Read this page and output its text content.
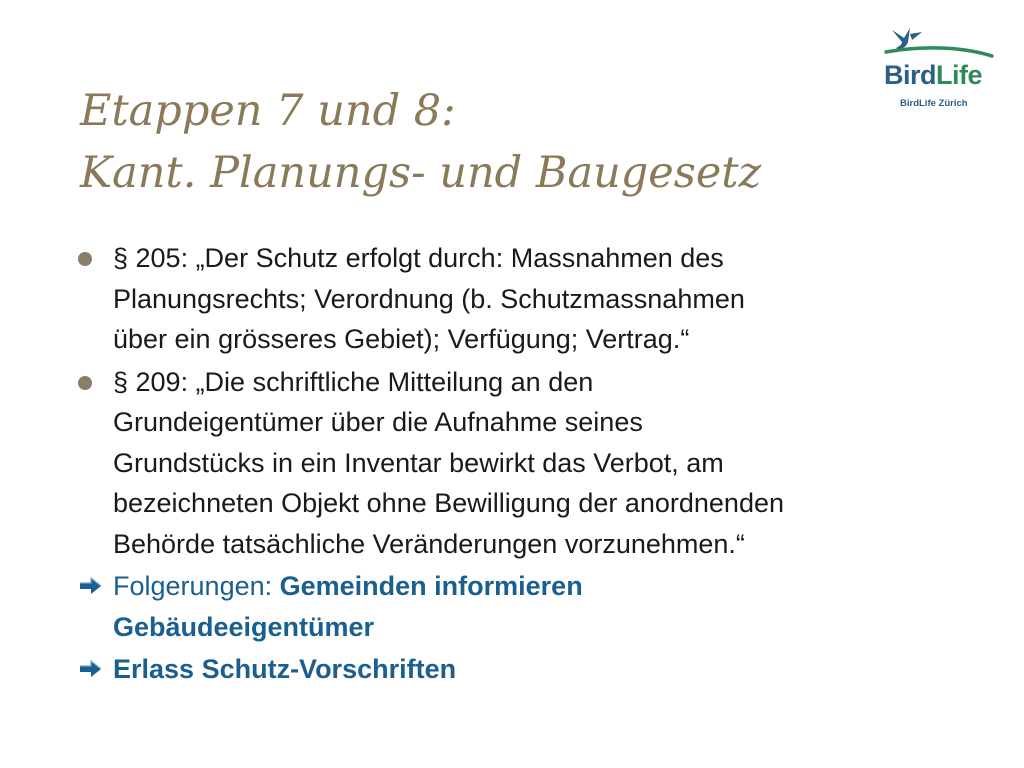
Etappen 7 und 8:
Kant. Planungs- und Baugesetz
BirdLife
BirdLife Zürich
§ 205: „Der Schutz erfolgt durch: Massnahmen des
Planungsrechts; Verordnung (b. Schutzmassnahmen
über ein grösseres Gebiet); Verfügung; Vertrag.“
§ 209: „Die schriftliche Mitteilung an den
Grundeigentümer über die Aufnahme seines
Grundstücks in ein Inventar bewirkt das Verbot, am
bezeichneten Objekt ohne Bewilligung der anordnenden
Behörde tatsächliche Veränderungen vorzunehmen.“
Folgerungen: Gemeinden informieren
Gebäudeeigentümer
Erlass Schutz-Vorschriften
